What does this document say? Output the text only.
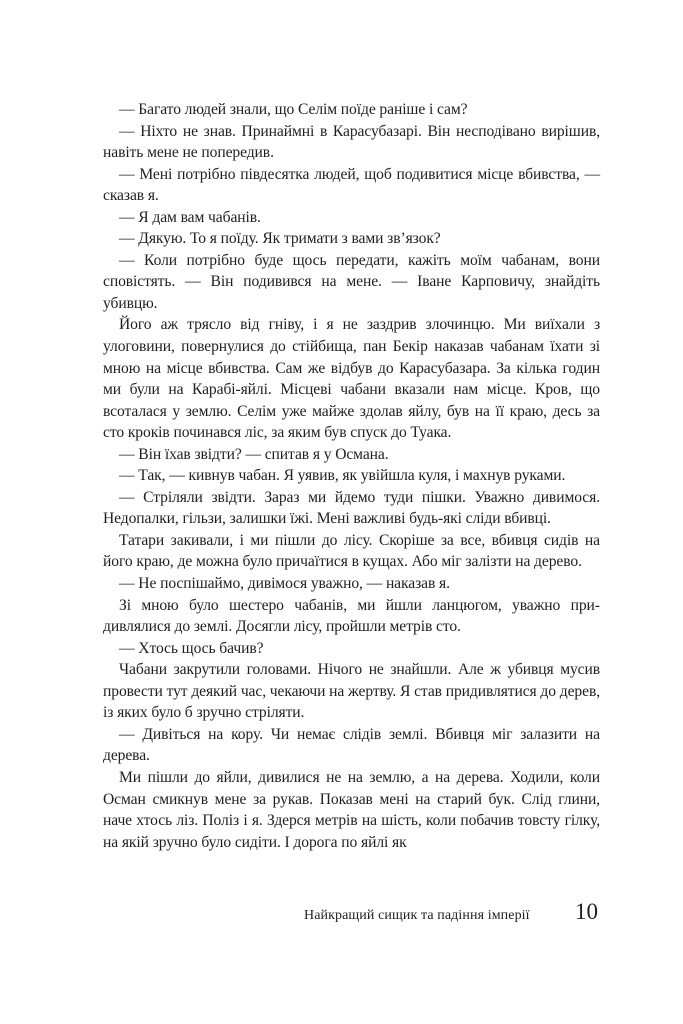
— Багато людей знали, що Селім поїде раніше і сам?

— Ніхто не знав. Принаймні в Карасубазарі. Він несподівано вирішив, навіть мене не попередив.

— Мені потрібно півдесятка людей, щоб подивитися місце вбивства, — сказав я.

— Я дам вам чабанів.

— Дякую. То я поїду. Як тримати з вами зв’язок?

— Коли потрібно буде щось передати, кажіть моїм чабанам, вони сповістять. — Він подивився на мене. — Іване Карповичу, знайдіть убивцю.

Його аж трясло від гніву, і я не заздрив злочинцю. Ми виїхали з улоговини, повернулися до стійбища, пан Бекір наказав чабанам їхати зі мною на місце вбивства. Сам же відбув до Карасубазара. За кілька годин ми були на Карабі-яйлі. Місцеві чабани вказали нам місце. Кров, що всоталася у землю. Селім уже майже здолав яйлу, був на її краю, десь за сто кроків починався ліс, за яким був спуск до Туака.

— Він їхав звідти? — спитав я у Османа.

— Так, — кивнув чабан. Я уявив, як увійшла куля, і махнув руками.

— Стріляли звідти. Зараз ми йдемо туди пішки. Уважно дивимося. Недопалки, гільзи, залишки їжі. Мені важливі будь-які сліди вбивці.

Татари закивали, і ми пішли до лісу. Скоріше за все, вбивця сидів на його краю, де можна було причаїтися в кущах. Або міг залізти на дерево.

— Не поспішаймо, дивімося уважно, — наказав я.

Зі мною було шестеро чабанів, ми йшли ланцюгом, уважно придивлялися до землі. Досягли лісу, пройшли метрів сто.

— Хтось щось бачив?

Чабани закрутили головами. Нічого не знайшли. Але ж убивця мусив провести тут деякий час, чекаючи на жертву. Я став придивлятися до дерев, із яких було б зручно стріляти.

— Дивіться на кору. Чи немає слідів землі. Вбивця міг залазити на дерева.

Ми пішли до яйли, дивилися не на землю, а на дерева. Ходили, коли Осман смикнув мене за рукав. Показав мені на старий бук. Слід глини, наче хтось ліз. Поліз і я. Здерся метрів на шість, коли побачив товсту гілку, на якій зручно було сидіти. І дорога по яйлі як

Найкращий сищик та падіння імперії 10
